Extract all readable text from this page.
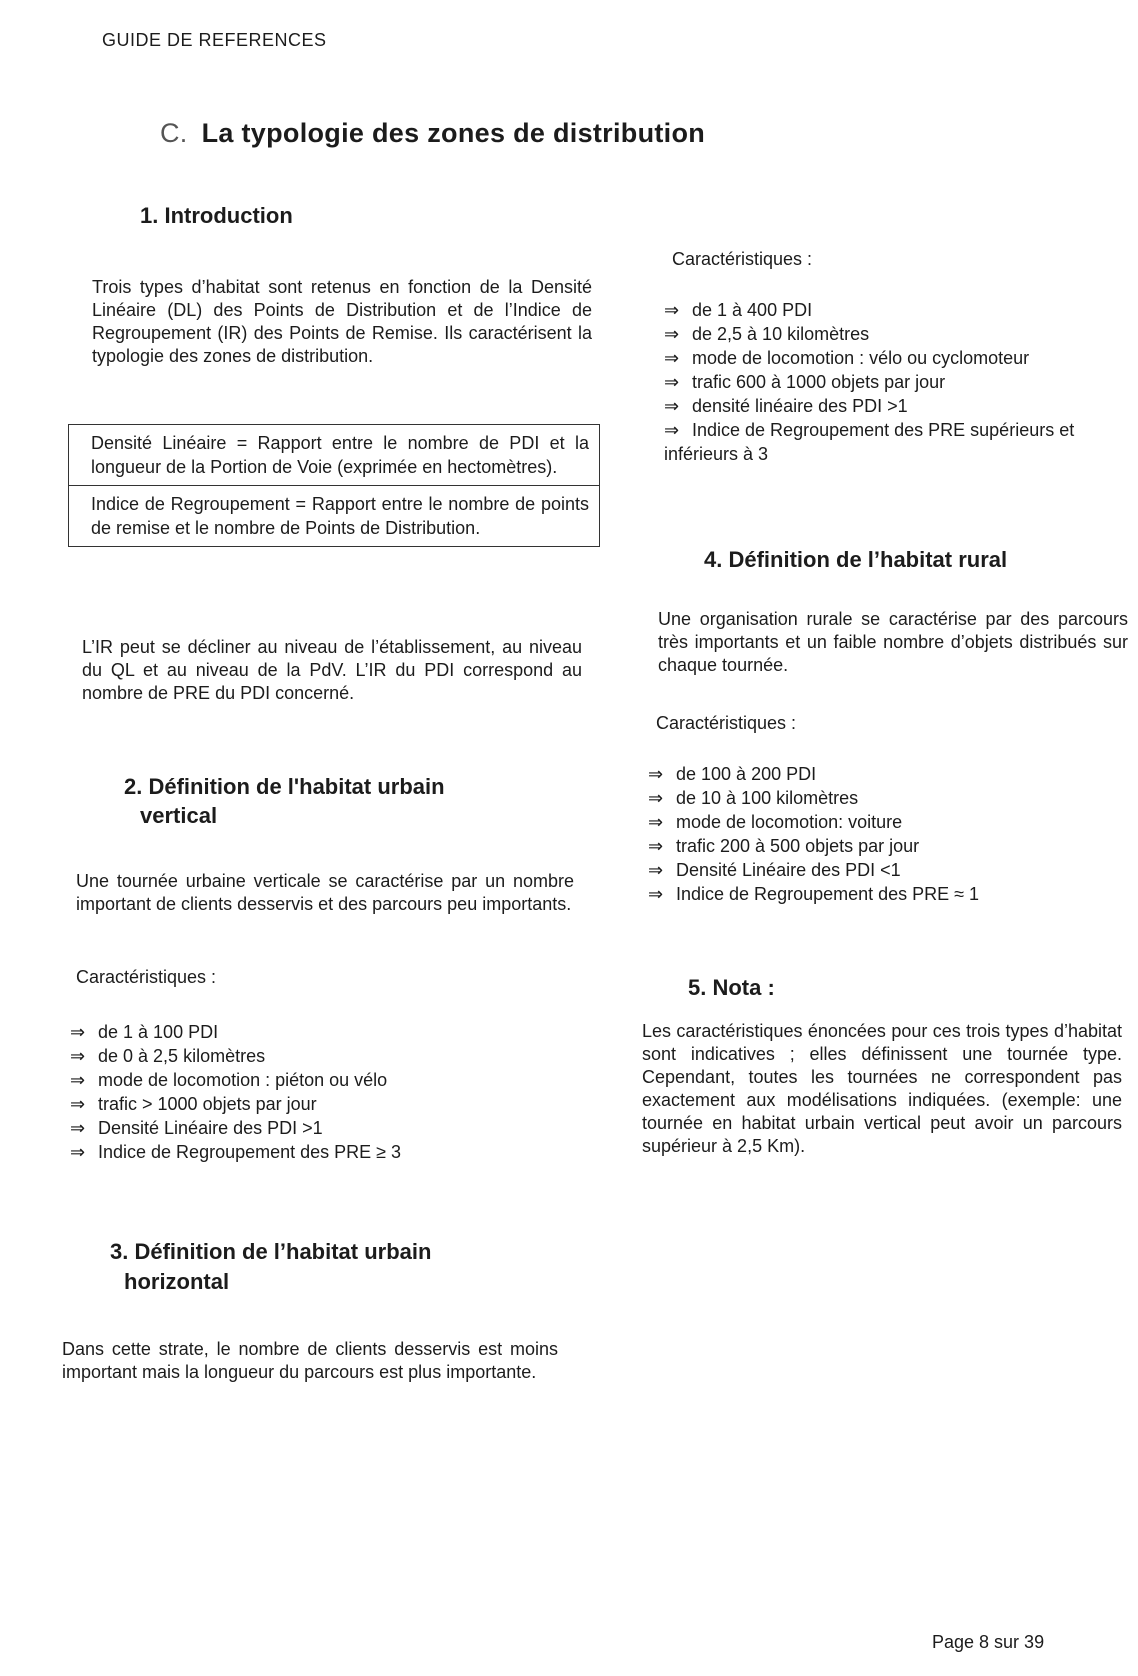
GUIDE DE REFERENCES
C. La typologie des zones de distribution
1. Introduction

Trois types d’habitat sont retenus en fonction de la Densité Linéaire (DL) des Points de Distribution et de l’Indice de Regroupement (IR) des Points de Remise. Ils caractérisent la typologie des zones de distribution.

Densité Linéaire = Rapport entre le nombre de PDI et la longueur de la Portion de Voie (exprimée en hectomètres).
Indice de Regroupement = Rapport entre le nombre de points de remise et le nombre de Points de Distribution.

L’IR peut se décliner au niveau de l’établissement, au niveau du QL et au niveau de la PdV. L’IR du PDI correspond au nombre de PRE du PDI concerné.

2. Définition de l'habitat urbain
vertical

Une tournée urbaine verticale se caractérise par un nombre important de clients desservis et des parcours peu importants.

Caractéristiques :

⇒ de 1 à 100 PDI
⇒ de 0 à 2,5 kilomètres
⇒ mode de locomotion : piéton ou vélo
⇒ trafic > 1000 objets par jour
⇒ Densité Linéaire des PDI >1
⇒ Indice de Regroupement des PRE ≥ 3
3. Définition de l’habitat urbain
horizontal

Dans cette strate, le nombre de clients desservis est moins important mais la longueur du parcours est plus importante.

Caractéristiques :

⇒ de 1 à 400 PDI
⇒ de 2,5 à 10 kilomètres
⇒ mode de locomotion : vélo ou cyclomoteur
⇒ trafic 600 à 1000 objets par jour
⇒ densité linéaire des PDI >1
⇒ Indice de Regroupement des PRE supérieurs et inférieurs à 3
4. Définition de l’habitat rural

Une organisation rurale se caractérise par des parcours très importants et un faible nombre d’objets distribués sur chaque tournée.

Caractéristiques :

⇒ de 100 à 200 PDI
⇒ de 10 à 100 kilomètres
⇒ mode de locomotion: voiture
⇒ trafic 200 à 500 objets par jour
⇒ Densité Linéaire des PDI <1
⇒ Indice de Regroupement des PRE ≈ 1
5. Nota :

Les caractéristiques énoncées pour ces trois types d’habitat sont indicatives ; elles définissent une tournée type. Cependant, toutes les tournées ne correspondent pas exactement aux modélisations indiquées. (exemple: une tournée en habitat urbain vertical peut avoir un parcours supérieur à 2,5 Km).

Page 8 sur 39
